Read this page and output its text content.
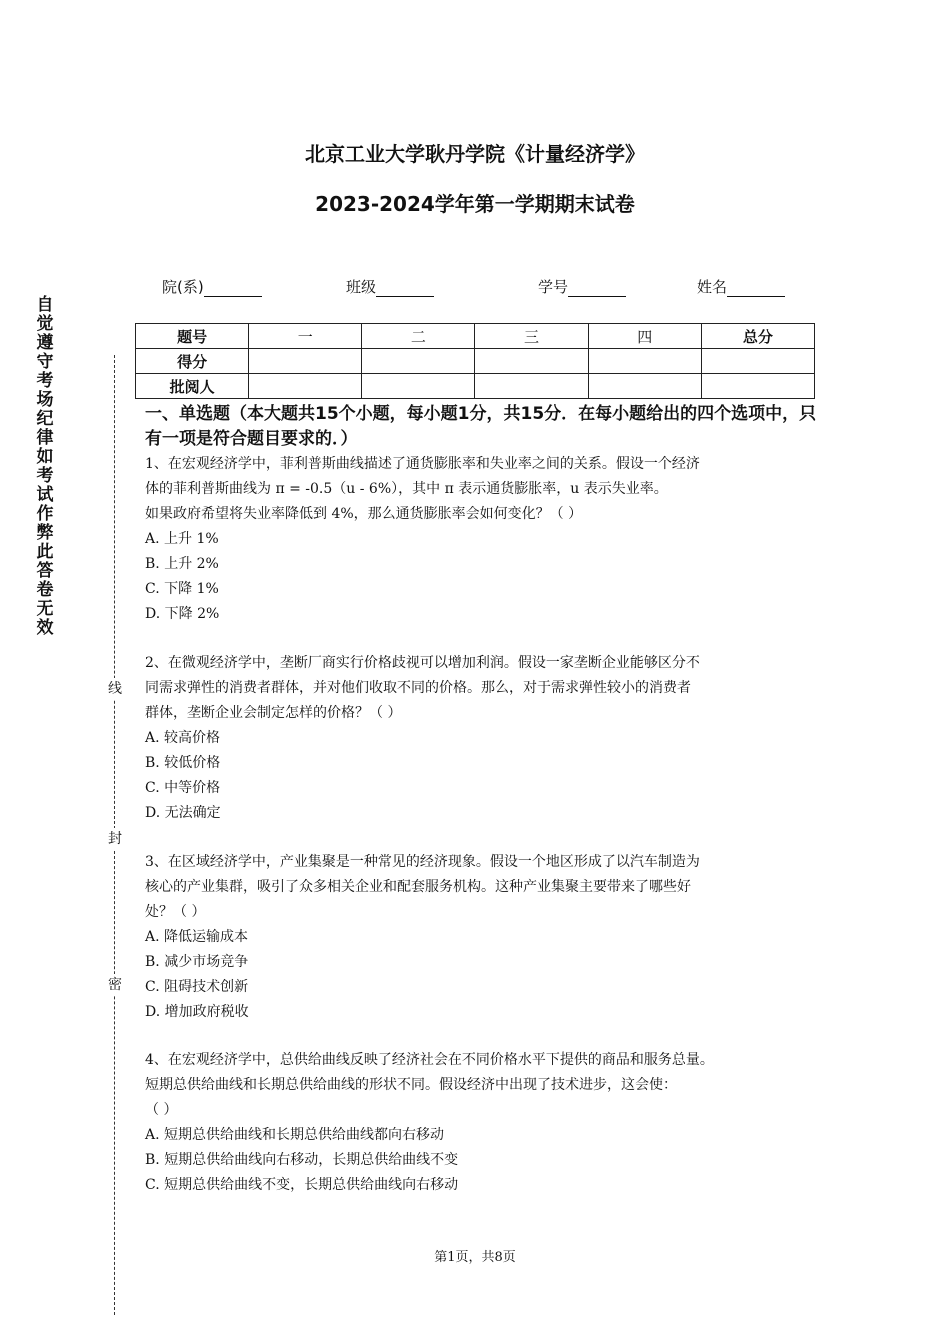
自觉遵守考场纪律如考试作弊此答卷无效
线
封
密
北京工业大学耿丹学院《计量经济学》
2023-2024学年第一学期期末试卷
院(系)	班级	学号	姓名
题号	一	二	三	四	总分
得分					
批阅人					
一、单选题（本大题共15个小题，每小题1分，共15分．在每小题给出的四个选项中，只有一项是符合题目要求的．）

1、在宏观经济学中，菲利普斯曲线描述了通货膨胀率和失业率之间的关系。假设一个经济

体的菲利普斯曲线为 π = -0.5（u - 6%），其中 π 表示通货膨胀率，u 表示失业率。

如果政府希望将失业率降低到 4%，那么通货膨胀率会如何变化？（ ）

A. 上升 1%

B. 上升 2%

C. 下降 1%

D. 下降 2%

2、在微观经济学中，垄断厂商实行价格歧视可以增加利润。假设一家垄断企业能够区分不

同需求弹性的消费者群体，并对他们收取不同的价格。那么，对于需求弹性较小的消费者

群体，垄断企业会制定怎样的价格？（ ）

A. 较高价格

B. 较低价格

C. 中等价格

D. 无法确定

3、在区域经济学中，产业集聚是一种常见的经济现象。假设一个地区形成了以汽车制造为

核心的产业集群，吸引了众多相关企业和配套服务机构。这种产业集聚主要带来了哪些好

处？（ ）

A. 降低运输成本

B. 减少市场竞争

C. 阻碍技术创新

D. 增加政府税收

4、在宏观经济学中，总供给曲线反映了经济社会在不同价格水平下提供的商品和服务总量。

短期总供给曲线和长期总供给曲线的形状不同。假设经济中出现了技术进步，这会使：

（ ）

A. 短期总供给曲线和长期总供给曲线都向右移动

B. 短期总供给曲线向右移动，长期总供给曲线不变

C. 短期总供给曲线不变，长期总供给曲线向右移动

第1页，共8页
